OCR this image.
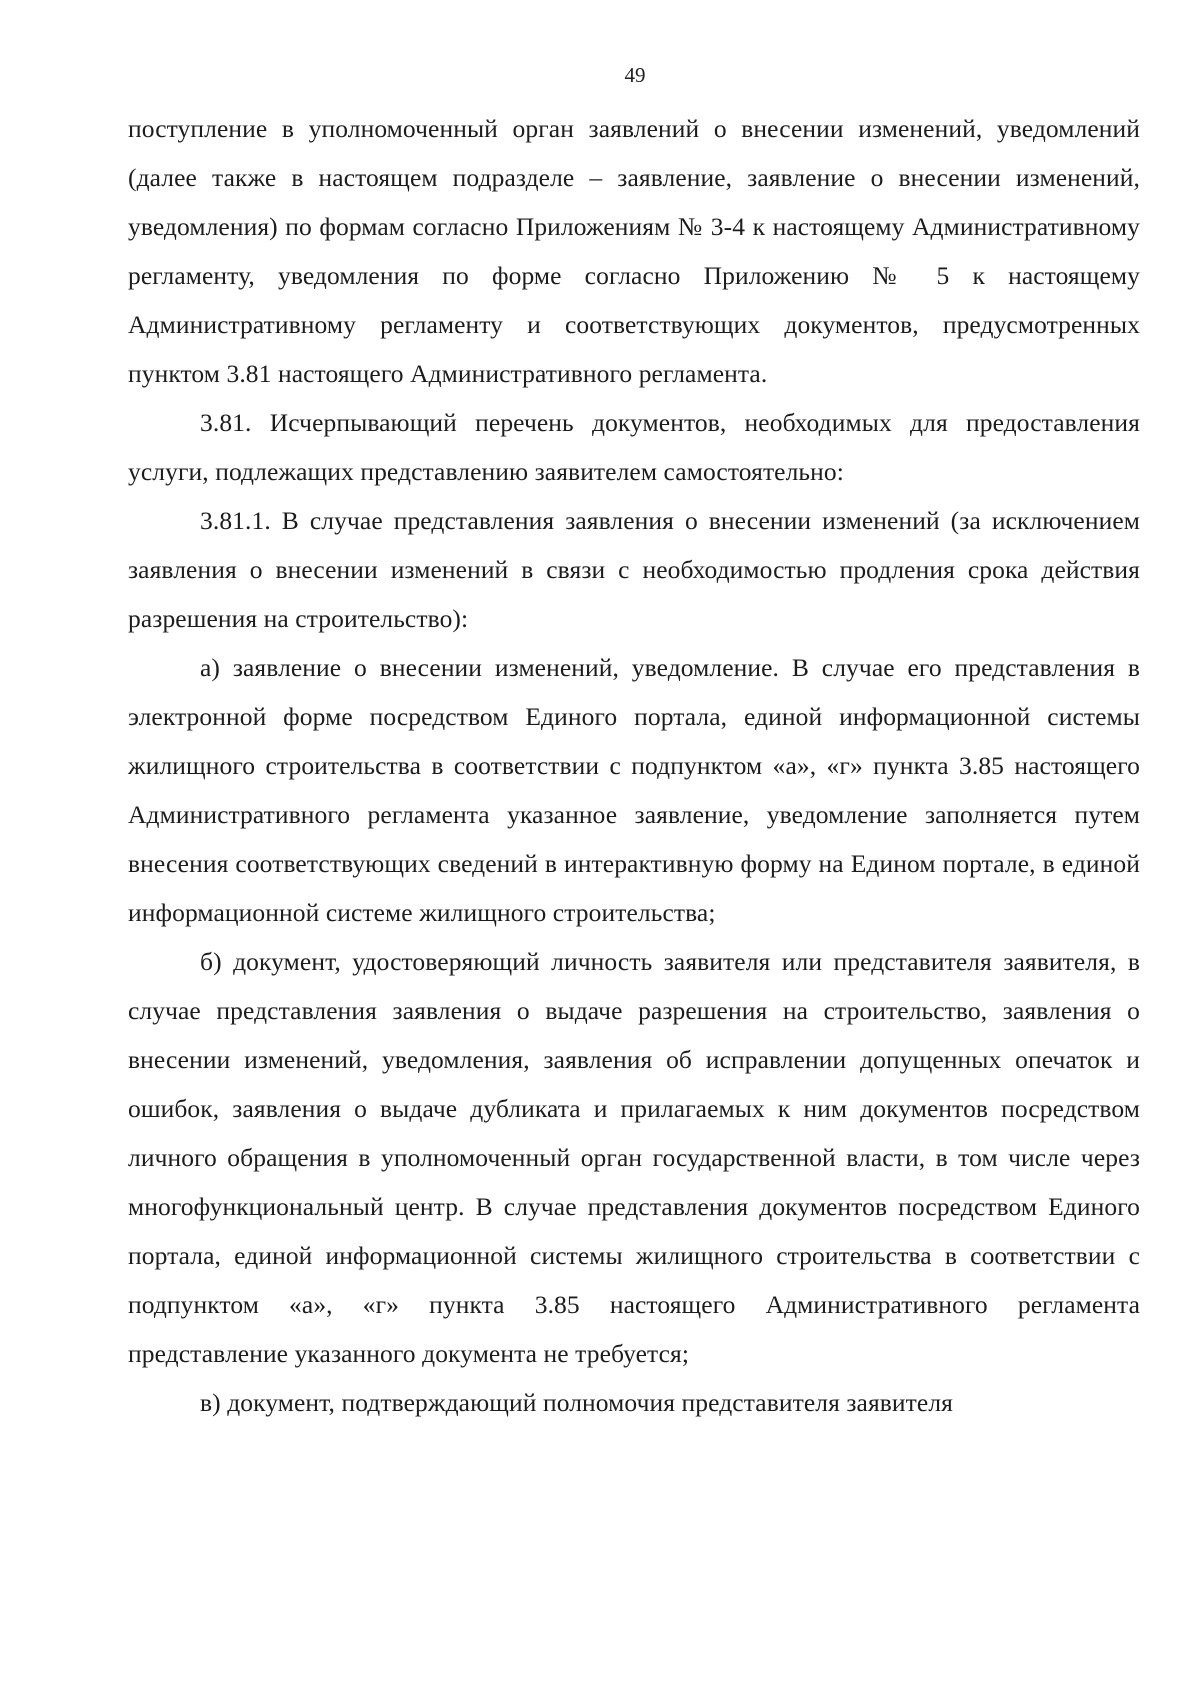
49

поступление в уполномоченный орган заявлений о внесении изменений, уведомлений (далее также в настоящем подразделе – заявление, заявление о внесении изменений, уведомления) по формам согласно Приложениям № 3-4 к настоящему Административному регламенту, уведомления по форме согласно Приложению № 5 к настоящему Административному регламенту и соответствующих документов, предусмотренных пунктом 3.81 настоящего Административного регламента.

3.81. Исчерпывающий перечень документов, необходимых для предоставления услуги, подлежащих представлению заявителем самостоятельно:

3.81.1. В случае представления заявления о внесении изменений (за исключением заявления о внесении изменений в связи с необходимостью продления срока действия разрешения на строительство):

а) заявление о внесении изменений, уведомление. В случае его представления в электронной форме посредством Единого портала, единой информационной системы жилищного строительства в соответствии с подпунктом «а», «г» пункта 3.85 настоящего Административного регламента указанное заявление, уведомление заполняется путем внесения соответствующих сведений в интерактивную форму на Едином портале, в единой информационной системе жилищного строительства;

б) документ, удостоверяющий личность заявителя или представителя заявителя, в случае представления заявления о выдаче разрешения на строительство, заявления о внесении изменений, уведомления, заявления об исправлении допущенных опечаток и ошибок, заявления о выдаче дубликата и прилагаемых к ним документов посредством личного обращения в уполномоченный орган государственной власти, в том числе через многофункциональный центр. В случае представления документов посредством Единого портала, единой информационной системы жилищного строительства в соответствии с подпунктом «а», «г» пункта 3.85 настоящего Административного регламента представление указанного документа не требуется;

в) документ, подтверждающий полномочия представителя заявителя
